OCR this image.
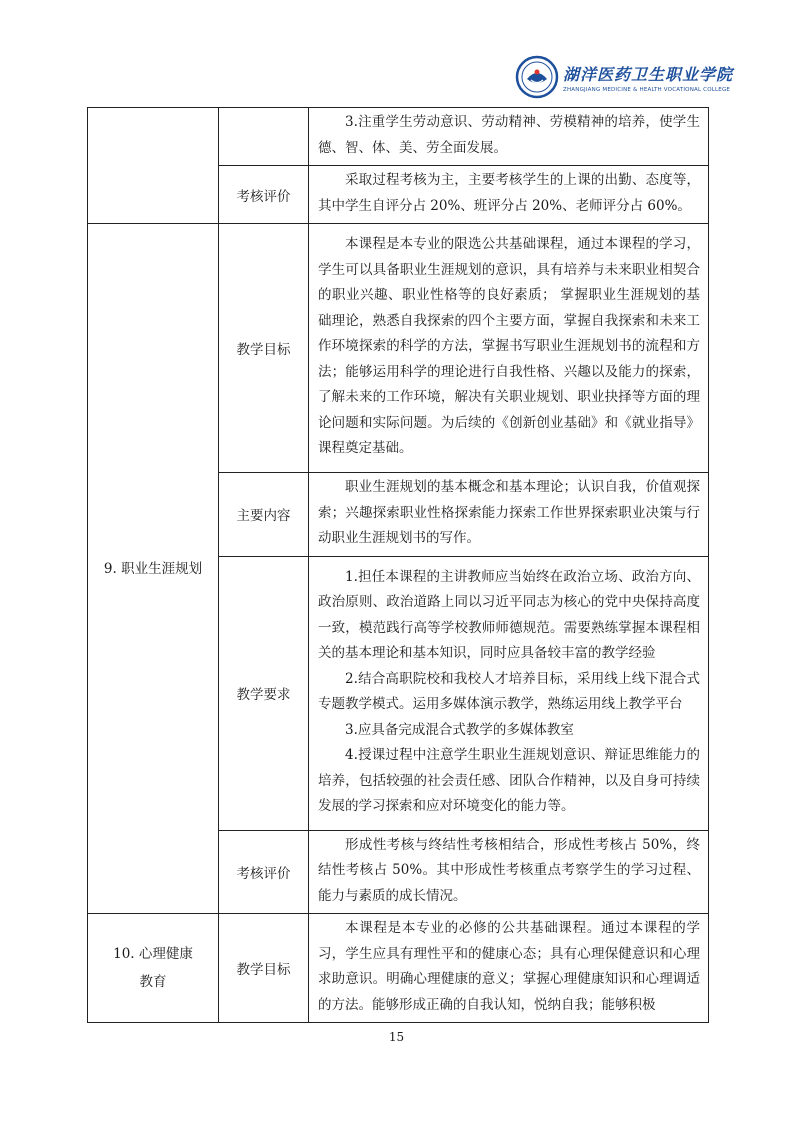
湖洋医药卫生职业学院
ZHANGJIANG MEDICINE & HEALTH VOCATIONAL COLLEGE

		3.注重学生劳动意识、劳动精神、劳模精神的培养，使学生德、智、体、美、劳全面发展。

	考核评价	采取过程考核为主，主要考核学生的上课的出勤、态度等，其中学生自评分占 20%、班评分占 20%、老师评分占 60%。

9. 职业生涯规划	教学目标	本课程是本专业的限选公共基础课程，通过本课程的学习，学生可以具备职业生涯规划的意识，具有培养与未来职业相契合的职业兴趣、职业性格等的良好素质； 掌握职业生涯规划的基础理论，熟悉自我探索的四个主要方面，掌握自我探索和未来工作环境探索的科学的方法，掌握书写职业生涯规划书的流程和方法；能够运用科学的理论进行自我性格、兴趣以及能力的探索，了解未来的工作环境，解决有关职业规划、职业抉择等方面的理论问题和实际问题。为后续的《创新创业基础》和《就业指导》课程奠定基础。

	主要内容	职业生涯规划的基本概念和基本理论；认识自我，价值观探索；兴趣探索职业性格探索能力探索工作世界探索职业决策与行动职业生涯规划书的写作。

	教学要求	1.担任本课程的主讲教师应当始终在政治立场、政治方向、政治原则、政治道路上同以习近平同志为核心的党中央保持高度一致，模范践行高等学校教师师德规范。需要熟练掌握本课程相关的基本理论和基本知识，同时应具备较丰富的教学经验

2.结合高职院校和我校人才培养目标，采用线上线下混合式专题教学模式。运用多媒体演示教学，熟练运用线上教学平台

3.应具备完成混合式教学的多媒体教室

4.授课过程中注意学生职业生涯规划意识、辩证思维能力的培养，包括较强的社会责任感、团队合作精神，以及自身可持续发展的学习探索和应对环境变化的能力等。

	考核评价	形成性考核与终结性考核相结合，形成性考核占 50%，终结性考核占 50%。其中形成性考核重点考察学生的学习过程、能力与素质的成长情况。

10. 心理健康
教育	教学目标	本课程是本专业的必修的公共基础课程。通过本课程的学习，学生应具有理性平和的健康心态；具有心理保健意识和心理求助意识。明确心理健康的意义；掌握心理健康知识和心理调适的方法。能够形成正确的自我认知，悦纳自我；能够积极

15
